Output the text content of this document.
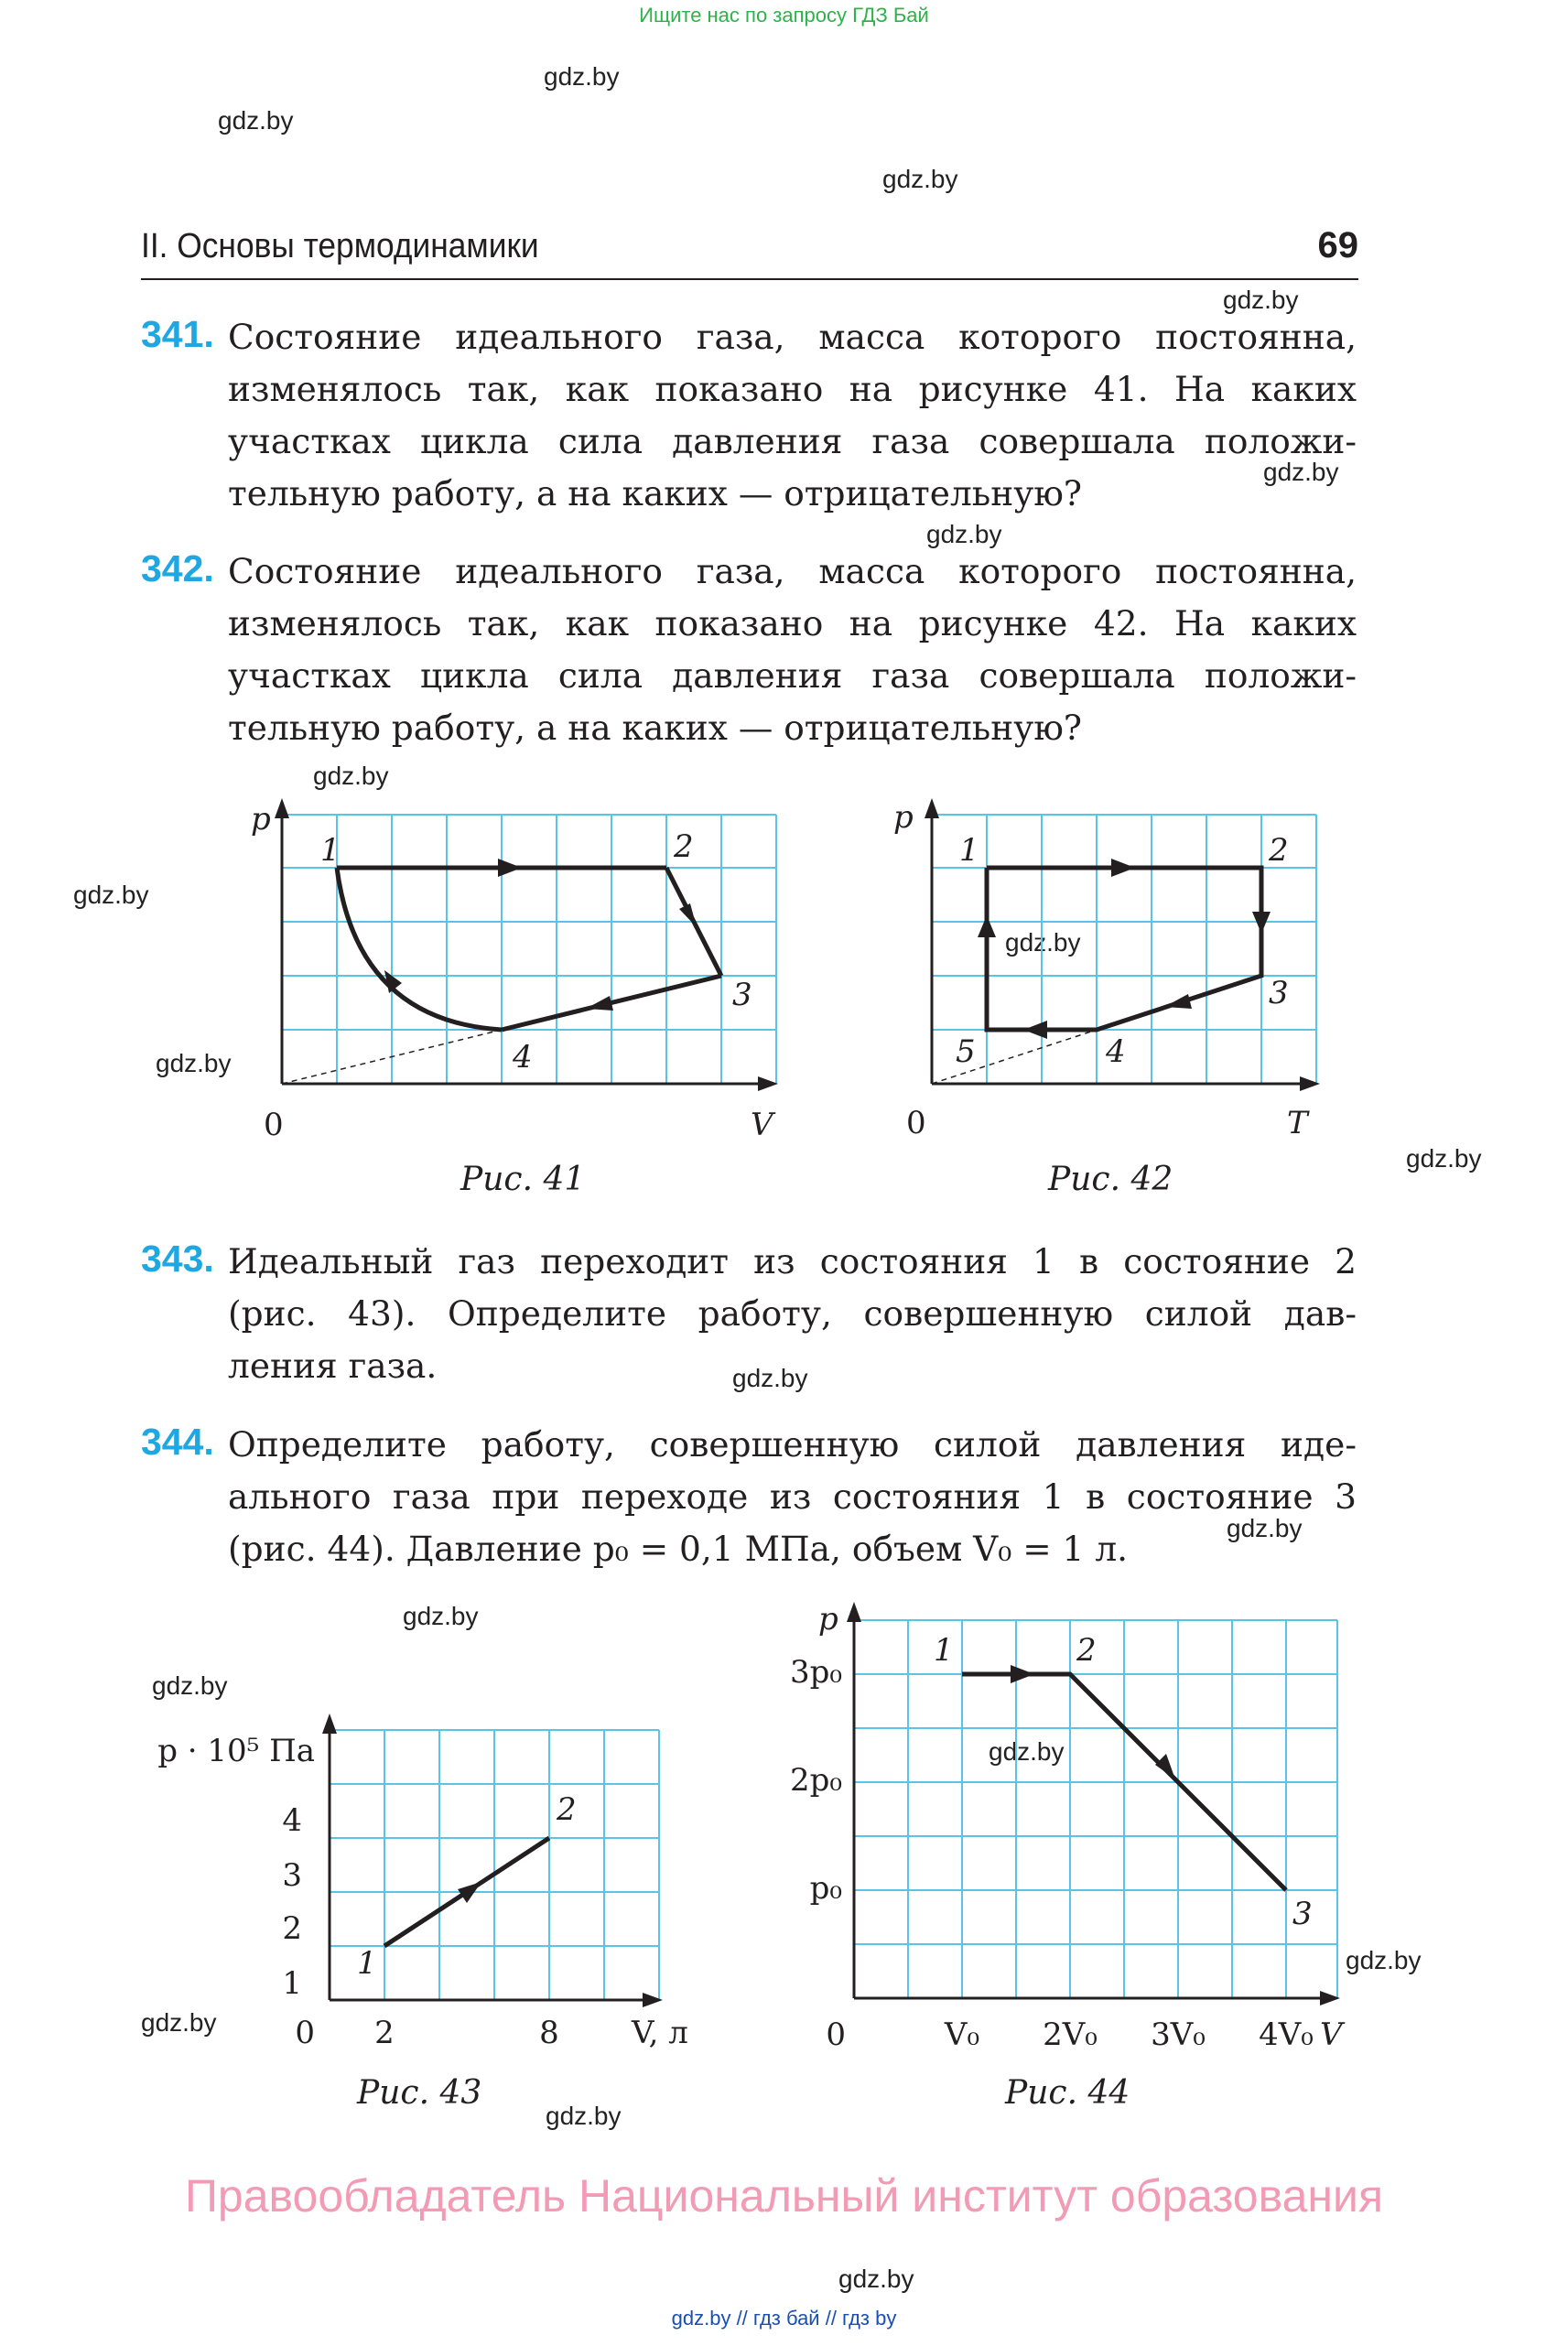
Ищите нас по запросу ГДЗ Бай
gdz.by
gdz.by
gdz.by
gdz.by
gdz.by
gdz.by
gdz.by
gdz.by
gdz.by
gdz.by
gdz.by
gdz.by
gdz.by
gdz.by
gdz.by
gdz.by
gdz.by
gdz.by
gdz.by
gdz.by
II. Основы термодинамики	69
341. Состояние идеального газа, масса которого постоянна,
изменялось так, как показано на рисунке 41. На каких
участках цикла сила давления газа совершала положи-
тельную работу, а на каких — отрицательную?
342. Состояние идеального газа, масса которого постоянна,
изменялось так, как показано на рисунке 42. На каких
участках цикла сила давления газа совершала положи-
тельную работу, а на каких — отрицательную?
1	2
3
4
p
V
0
Рис. 41
1	2
3
4
5
p
T
0
Рис. 42
343. Идеальный газ переходит из состояния 1 в состояние 2
(рис. 43). Определите работу, совершенную силой дав-
ления газа.
344. Определите работу, совершенную силой давления иде-
ального газа при переходе из состояния 1 в состояние 3
(рис. 44). Давление p₀ = 0,1 МПа, объем V₀ = 1 л.
4
3
2
1
2	8
0
p · 10⁵ Па
V, л
1
2
Рис. 43
3p₀
2p₀
p₀
V₀ 2V₀ 3V₀ 4V₀
0
p
V
1	2
3
Рис. 44
Правообладатель Национальный институт образования
gdz.by // гдз бай // гдз by
